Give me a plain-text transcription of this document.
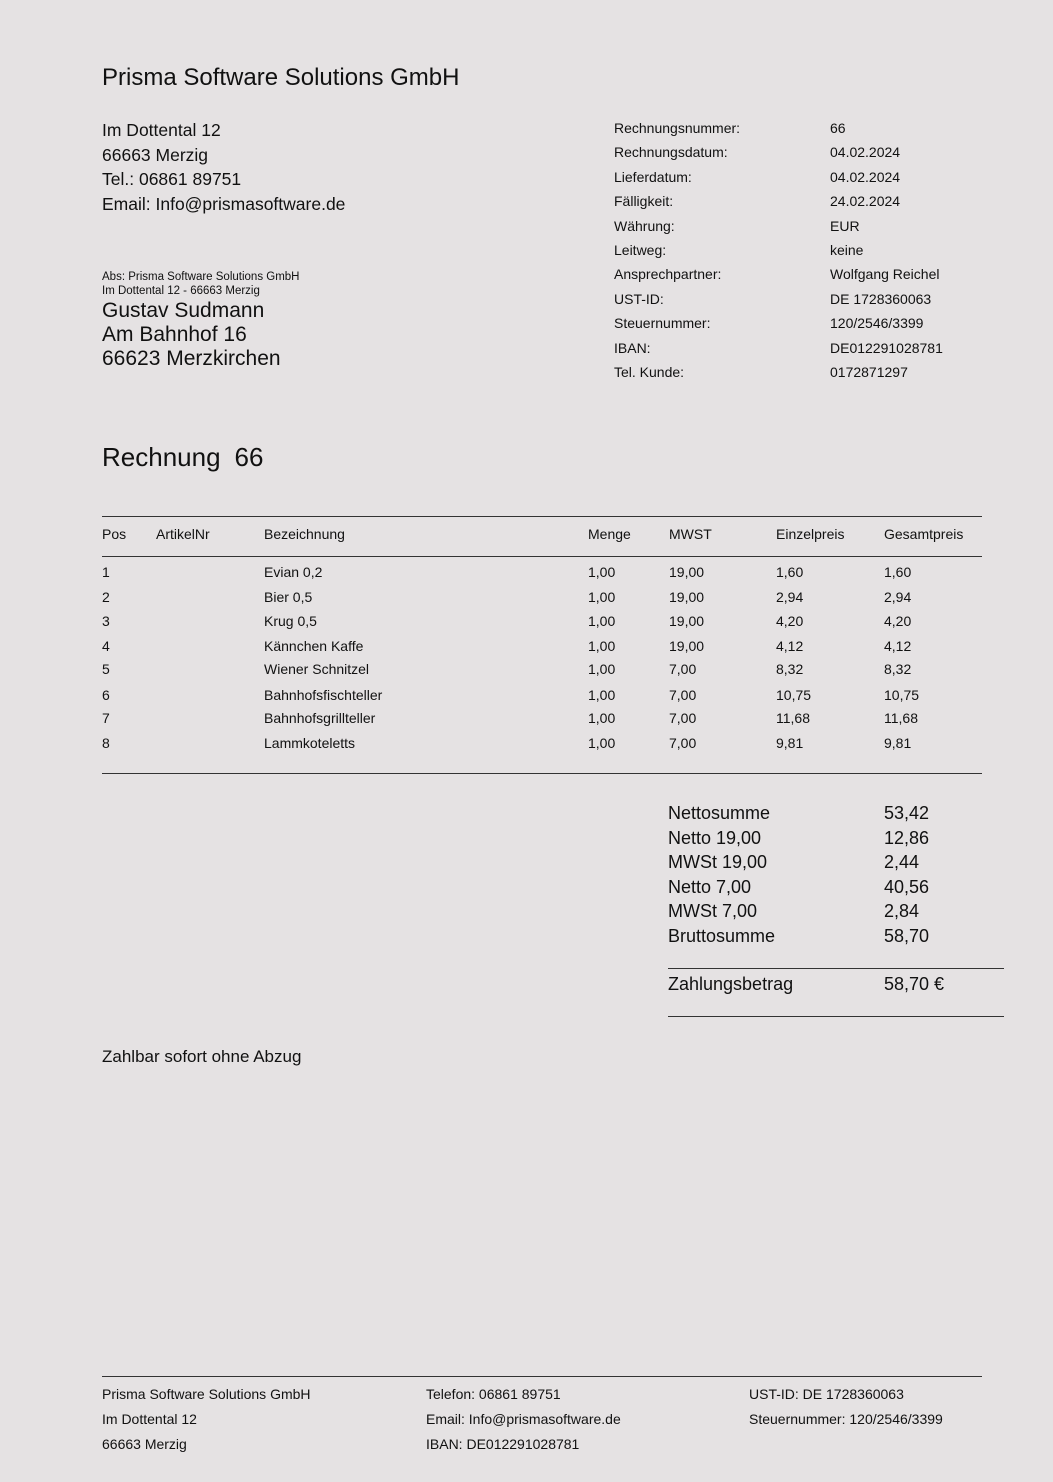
Prisma Software Solutions GmbH
Im Dottental 12
66663 Merzig
Tel.: 06861 89751
Email: Info@prismasoftware.de
Abs: Prisma Software Solutions GmbH
Im Dottental 12 - 66663 Merzig
Gustav Sudmann
Am Bahnhof 16
66623 Merzkirchen
Rechnungsnummer:	66
Rechnungsdatum:	04.02.2024
Lieferdatum:	04.02.2024
Fälligkeit:	24.02.2024
Währung:	EUR
Leitweg:	keine
Ansprechpartner:	Wolfgang Reichel
UST-ID:	DE 1728360063
Steuernummer:	120/2546/3399
IBAN:	DE012291028781
Tel. Kunde:	0172871297
Rechnung 66
Pos ArtikelNr	Bezeichnung	Menge	MWST	Einzelpreis	Gesamtpreis
1	Evian 0,2	1,00	19,00	1,60	1,60
2	Bier 0,5	1,00	19,00	2,94	2,94
3	Krug 0,5	1,00	19,00	4,20	4,20
4	Kännchen Kaffe	1,00	19,00	4,12	4,12
5	Wiener Schnitzel	1,00	7,00	8,32	8,32
6	Bahnhofsfischteller	1,00	7,00	10,75	10,75
7	Bahnhofsgrillteller	1,00	7,00	11,68	11,68
8	Lammkoteletts	1,00	7,00	9,81	9,81
Nettosumme	53,42
Netto 19,00	12,86
MWSt 19,00	2,44
Netto 7,00	40,56
MWSt 7,00	2,84
Bruttosumme	58,70
Zahlungsbetrag	58,70 €
Zahlbar sofort ohne Abzug
Prisma Software Solutions GmbH
Im Dottental 12
66663 Merzig
Telefon: 06861 89751
Email: Info@prismasoftware.de
IBAN: DE012291028781
UST-ID: DE 1728360063
Steuernummer: 120/2546/3399
